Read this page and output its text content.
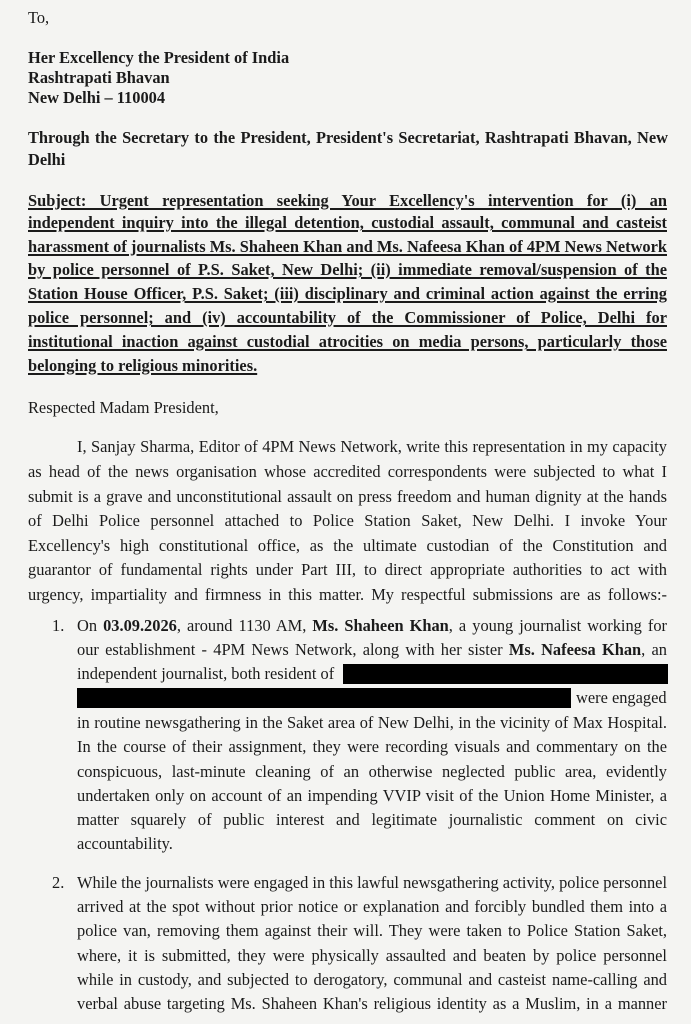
To,
Her Excellency the President of India
Rashtrapati Bhavan
New Delhi – 110004
Through the Secretary to the President, President's Secretariat, Rashtrapati Bhavan, New
Delhi
Subject: Urgent representation seeking Your Excellency's intervention for (i) an
independent inquiry into the illegal detention, custodial assault, communal and casteist
harassment of journalists Ms. Shaheen Khan and Ms. Nafeesa Khan of 4PM News Network
by police personnel of P.S. Saket, New Delhi; (ii) immediate removal/suspension of the
Station House Officer, P.S. Saket; (iii) disciplinary and criminal action against the erring
police personnel; and (iv) accountability of the Commissioner of Police, Delhi for
institutional inaction against custodial atrocities on media persons, particularly those
belonging to religious minorities.
Respected Madam President,
I, Sanjay Sharma, Editor of 4PM News Network, write this representation in my capacity
as head of the news organisation whose accredited correspondents were subjected to what I
submit is a grave and unconstitutional assault on press freedom and human dignity at the hands
of Delhi Police personnel attached to Police Station Saket, New Delhi. I invoke Your
Excellency's high constitutional office, as the ultimate custodian of the Constitution and
guarantor of fundamental rights under Part III, to direct appropriate authorities to act with
urgency, impartiality and firmness in this matter. My respectful submissions are as follows:-
1. On 03.09.2026, around 1130 AM, Ms. Shaheen Khan, a young journalist working for
our establishment - 4PM News Network, along with her sister Ms. Nafeesa Khan, an
independent journalist, both resident of
were engaged
in routine newsgathering in the Saket area of New Delhi, in the vicinity of Max Hospital.
In the course of their assignment, they were recording visuals and commentary on the
conspicuous, last-minute cleaning of an otherwise neglected public area, evidently
undertaken only on account of an impending VVIP visit of the Union Home Minister, a
matter squarely of public interest and legitimate journalistic comment on civic
accountability.
2. While the journalists were engaged in this lawful newsgathering activity, police personnel
arrived at the spot without prior notice or explanation and forcibly bundled them into a
police van, removing them against their will. They were taken to Police Station Saket,
where, it is submitted, they were physically assaulted and beaten by police personnel
while in custody, and subjected to derogatory, communal and casteist name-calling and
verbal abuse targeting Ms. Shaheen Khan's religious identity as a Muslim, in a manner
